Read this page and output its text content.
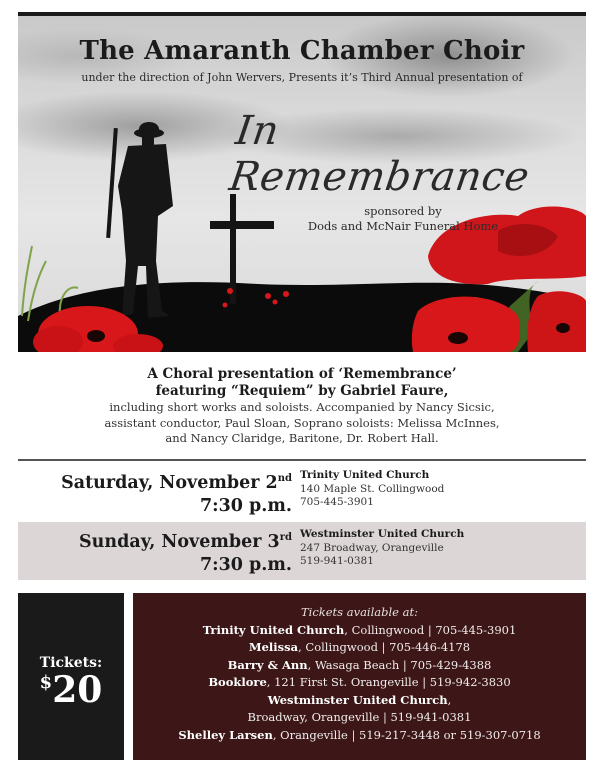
The Amaranth Chamber Choir
under the direction of John Wervers, Presents it’s Third Annual presentation of
In Remembrance
sponsored by
Dods and McNair Funeral Home
A Choral presentation of ‘Remembrance’
featuring “Requiem” by Gabriel Faure,
including short works and soloists. Accompanied by Nancy Sicsic,
assistant conductor, Paul Sloan, Soprano soloists: Melissa McInnes,
and Nancy Claridge, Baritone, Dr. Robert Hall.
Saturday, November 2nd
7:30 p.m.
Trinity United Church
140 Maple St. Collingwood
705-445-3901
Sunday, November 3rd
7:30 p.m.
Westminster United Church
247 Broadway, Orangeville
519-941-0381
Tickets:
$20
Tickets available at:
Trinity United Church, Collingwood | 705-445-3901
Melissa, Collingwood | 705-446-4178
Barry & Ann, Wasaga Beach | 705-429-4388
Booklore, 121 First St. Orangeville | 519-942-3830
Westminster United Church,
Broadway, Orangeville | 519-941-0381
Shelley Larsen, Orangeville | 519-217-3448 or 519-307-0718
